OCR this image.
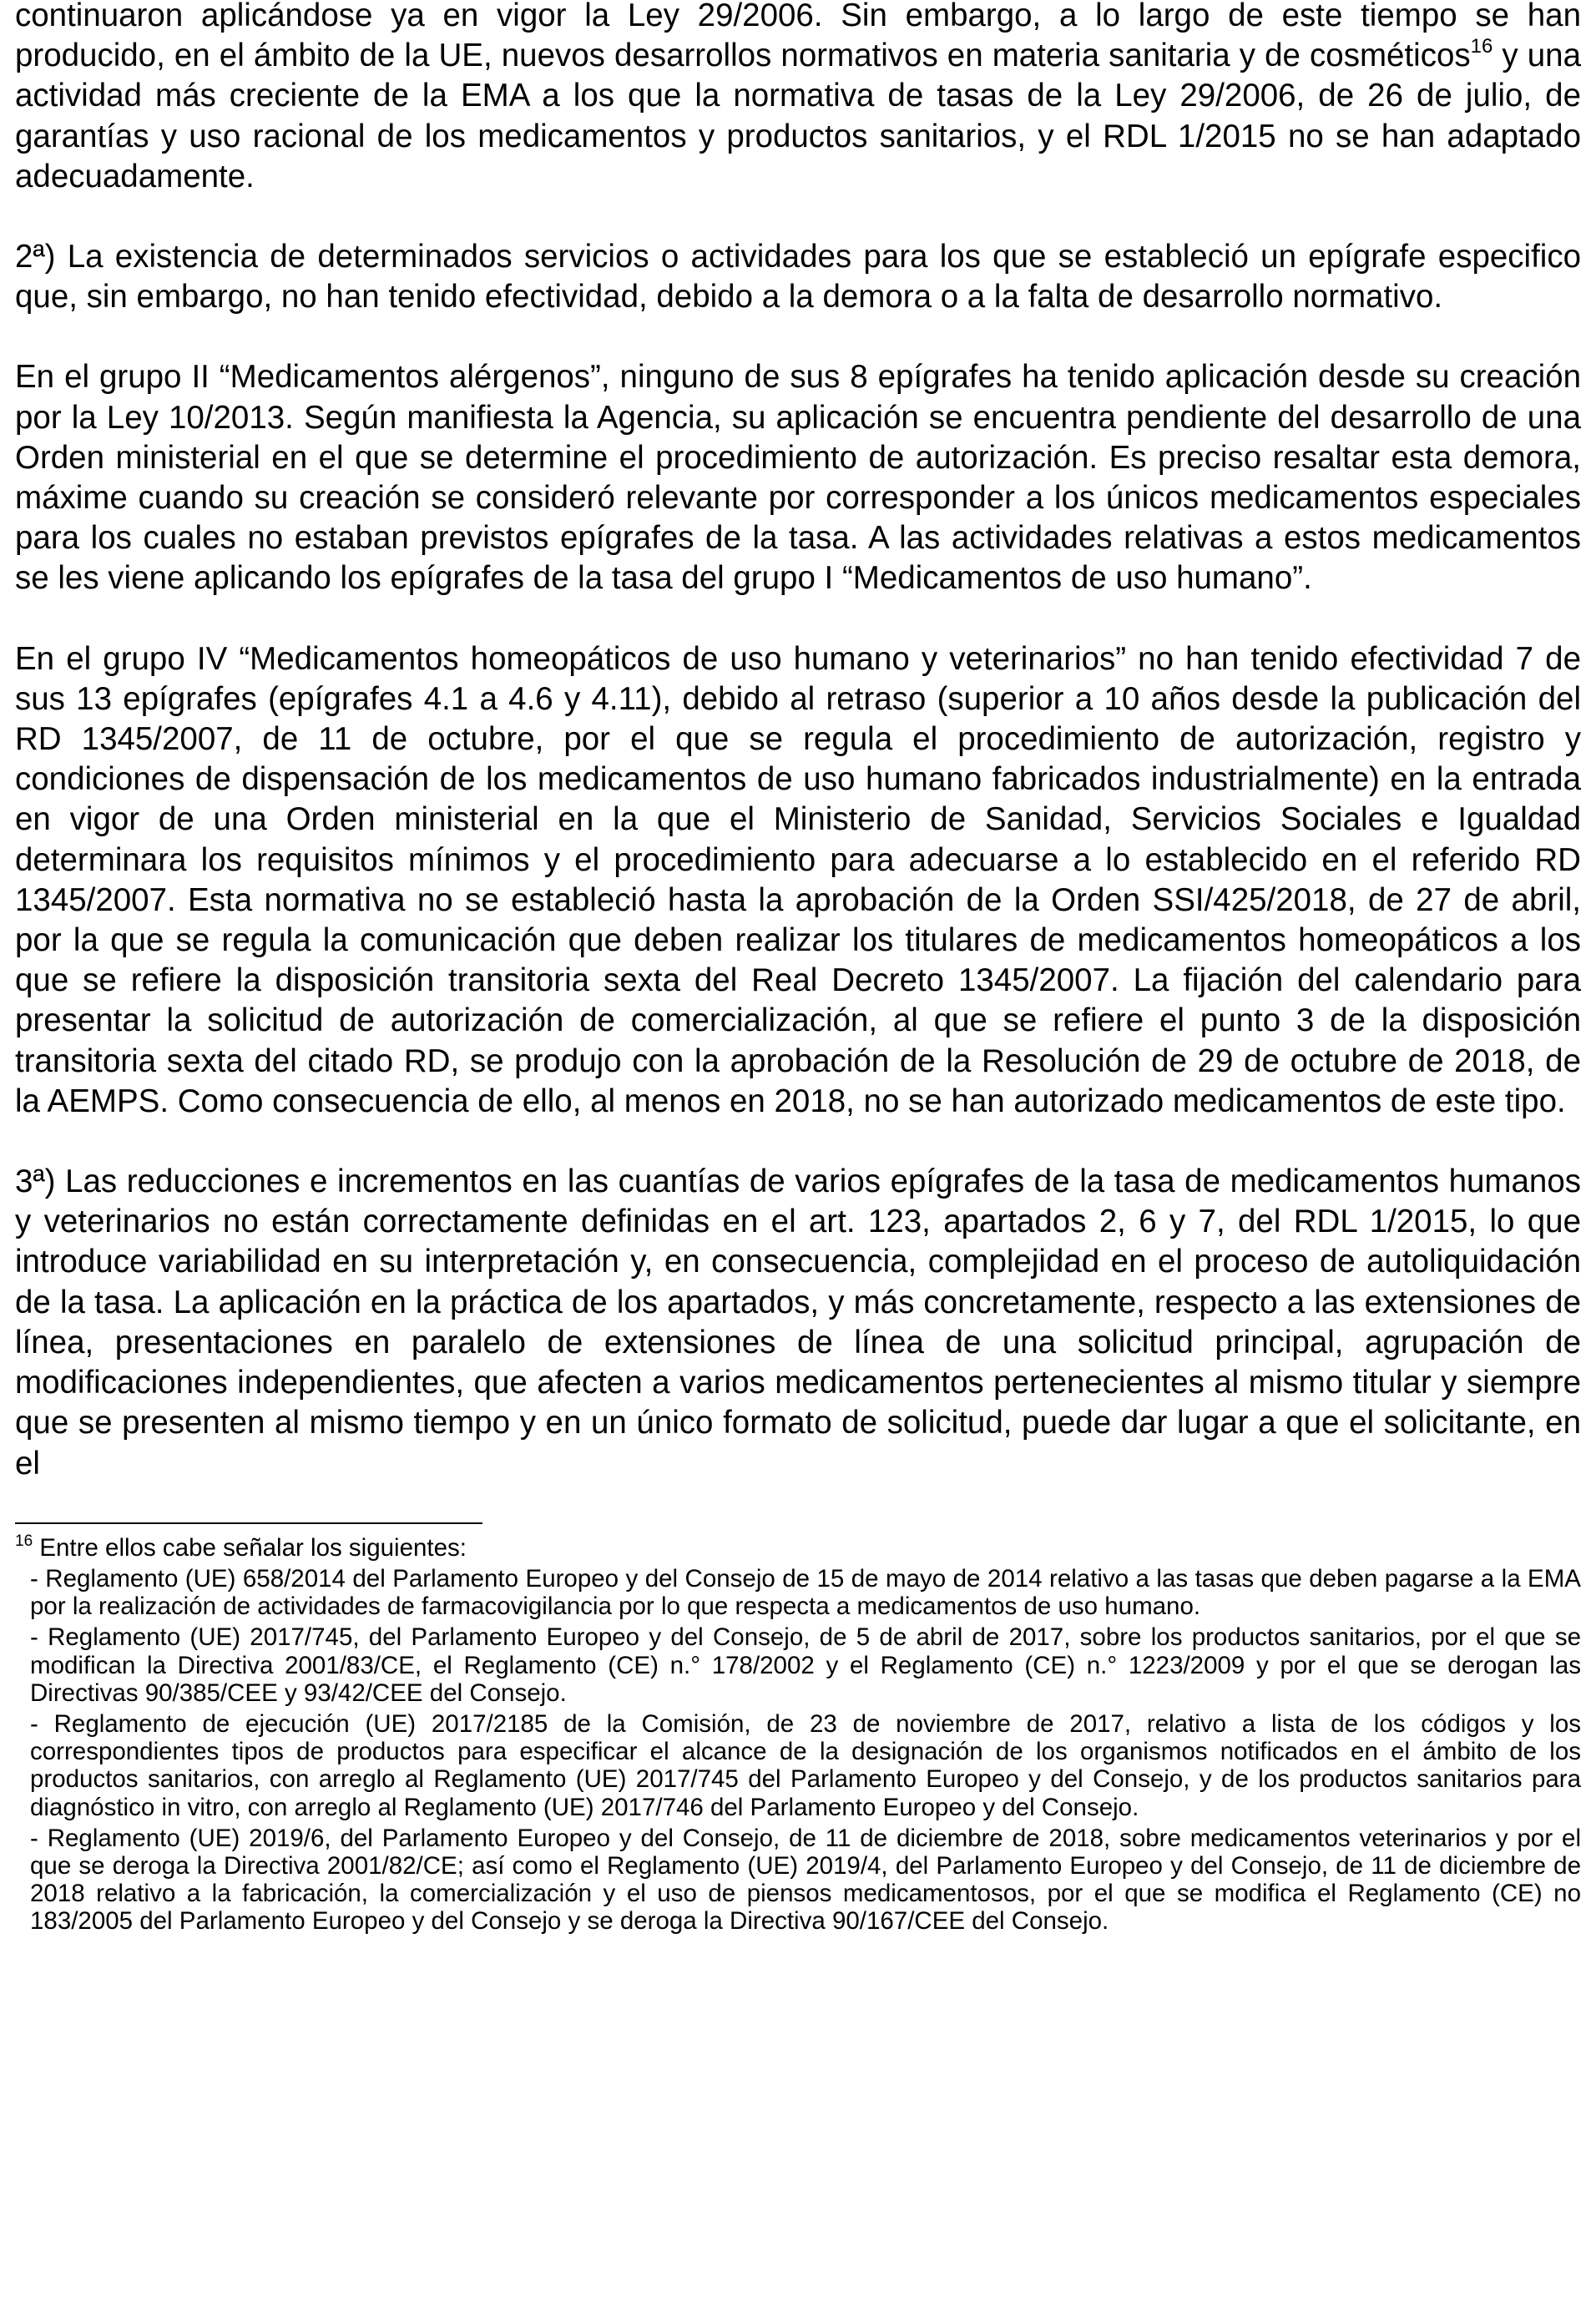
continuaron aplicándose ya en vigor la Ley 29/2006. Sin embargo, a lo largo de este tiempo se han producido, en el ámbito de la UE, nuevos desarrollos normativos en materia sanitaria y de cosméticos$^{16}$ y una actividad más creciente de la EMA a los que la normativa de tasas de la Ley 29/2006, de 26 de julio, de garantías y uso racional de los medicamentos y productos sanitarios, y el RDL 1/2015 no se han adaptado adecuadamente.

2ª) La existencia de determinados servicios o actividades para los que se estableció un epígrafe especifico que, sin embargo, no han tenido efectividad, debido a la demora o a la falta de desarrollo normativo.

En el grupo II “Medicamentos alérgenos”, ninguno de sus 8 epígrafes ha tenido aplicación desde su creación por la Ley 10/2013. Según manifiesta la Agencia, su aplicación se encuentra pendiente del desarrollo de una Orden ministerial en el que se determine el procedimiento de autorización. Es preciso resaltar esta demora, máxime cuando su creación se consideró relevante por corresponder a los únicos medicamentos especiales para los cuales no estaban previstos epígrafes de la tasa. A las actividades relativas a estos medicamentos se les viene aplicando los epígrafes de la tasa del grupo I “Medicamentos de uso humano”.

En el grupo IV “Medicamentos homeopáticos de uso humano y veterinarios” no han tenido efectividad 7 de sus 13 epígrafes (epígrafes 4.1 a 4.6 y 4.11), debido al retraso (superior a 10 años desde la publicación del RD 1345/2007, de 11 de octubre, por el que se regula el procedimiento de autorización, registro y condiciones de dispensación de los medicamentos de uso humano fabricados industrialmente) en la entrada en vigor de una Orden ministerial en la que el Ministerio de Sanidad, Servicios Sociales e Igualdad determinara los requisitos mínimos y el procedimiento para adecuarse a lo establecido en el referido RD 1345/2007. Esta normativa no se estableció hasta la aprobación de la Orden SSI/425/2018, de 27 de abril, por la que se regula la comunicación que deben realizar los titulares de medicamentos homeopáticos a los que se refiere la disposición transitoria sexta del Real Decreto 1345/2007. La fijación del calendario para presentar la solicitud de autorización de comercialización, al que se refiere el punto 3 de la disposición transitoria sexta del citado RD, se produjo con la aprobación de la Resolución de 29 de octubre de 2018, de la AEMPS. Como consecuencia de ello, al menos en 2018, no se han autorizado medicamentos de este tipo.

3ª) Las reducciones e incrementos en las cuantías de varios epígrafes de la tasa de medicamentos humanos y veterinarios no están correctamente definidas en el art. 123, apartados 2, 6 y 7, del RDL 1/2015, lo que introduce variabilidad en su interpretación y, en consecuencia, complejidad en el proceso de autoliquidación de la tasa. La aplicación en la práctica de los apartados, y más concretamente, respecto a las extensiones de línea, presentaciones en paralelo de extensiones de línea de una solicitud principal, agrupación de modificaciones independientes, que afecten a varios medicamentos pertenecientes al mismo titular y siempre que se presenten al mismo tiempo y en un único formato de solicitud, puede dar lugar a que el solicitante, en el

$^{16}$ Entre ellos cabe señalar los siguientes:

- Reglamento (UE) 658/2014 del Parlamento Europeo y del Consejo de 15 de mayo de 2014 relativo a las tasas que deben pagarse a la EMA por la realización de actividades de farmacovigilancia por lo que respecta a medicamentos de uso humano.

- Reglamento (UE) 2017/745, del Parlamento Europeo y del Consejo, de 5 de abril de 2017, sobre los productos sanitarios, por el que se modifican la Directiva 2001/83/CE, el Reglamento (CE) n.° 178/2002 y el Reglamento (CE) n.° 1223/2009 y por el que se derogan las Directivas 90/385/CEE y 93/42/CEE del Consejo.

- Reglamento de ejecución (UE) 2017/2185 de la Comisión, de 23 de noviembre de 2017, relativo a lista de los códigos y los correspondientes tipos de productos para especificar el alcance de la designación de los organismos notificados en el ámbito de los productos sanitarios, con arreglo al Reglamento (UE) 2017/745 del Parlamento Europeo y del Consejo, y de los productos sanitarios para diagnóstico in vitro, con arreglo al Reglamento (UE) 2017/746 del Parlamento Europeo y del Consejo.

- Reglamento (UE) 2019/6, del Parlamento Europeo y del Consejo, de 11 de diciembre de 2018, sobre medicamentos veterinarios y por el que se deroga la Directiva 2001/82/CE; así como el Reglamento (UE) 2019/4, del Parlamento Europeo y del Consejo, de 11 de diciembre de 2018 relativo a la fabricación, la comercialización y el uso de piensos medicamentosos, por el que se modifica el Reglamento (CE) no 183/2005 del Parlamento Europeo y del Consejo y se deroga la Directiva 90/167/CEE del Consejo.
